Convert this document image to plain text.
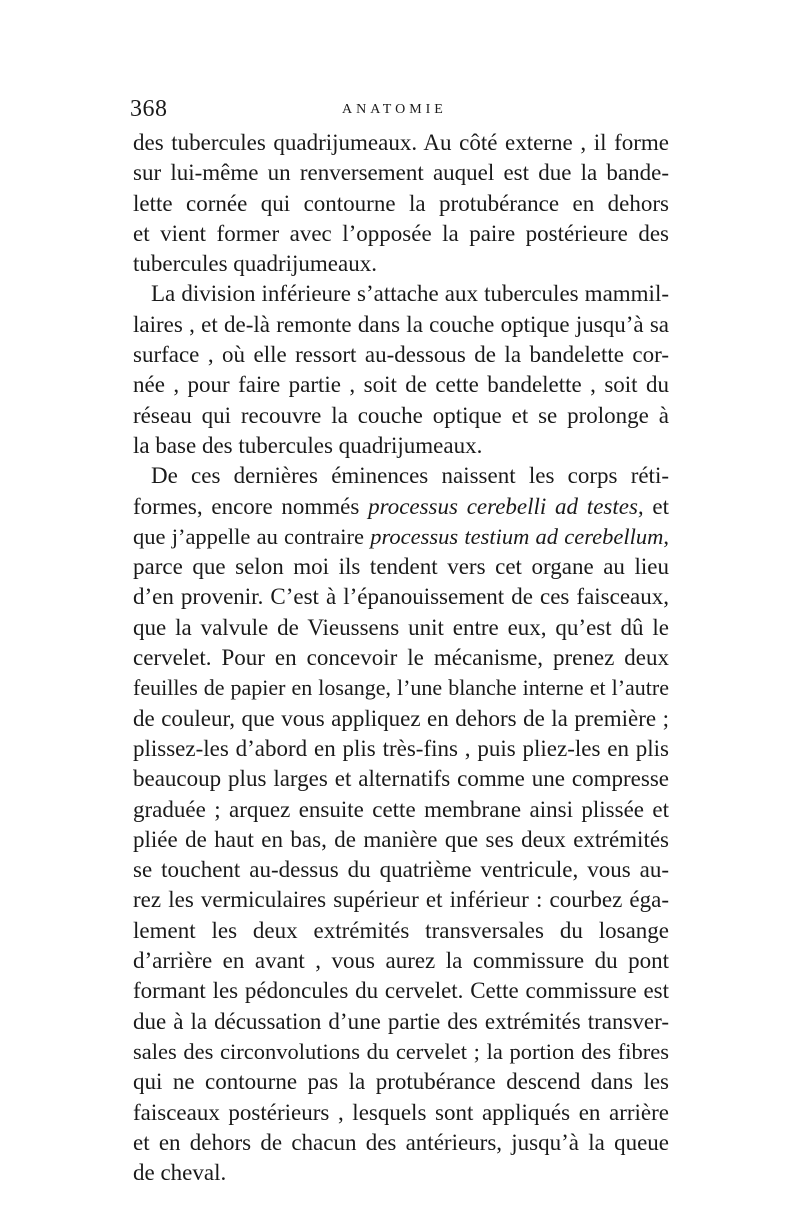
368	ANATOMIE
des tubercules quadrijumeaux. Au côté externe , il forme
sur lui-même un renversement auquel est due la bande-
lette cornée qui contourne la protubérance en dehors
et vient former avec l’opposée la paire postérieure des
tubercules quadrijumeaux.
La division inférieure s’attache aux tubercules mammil-
laires , et de-là remonte dans la couche optique jusqu’à sa
surface , où elle ressort au-dessous de la bandelette cor-
née , pour faire partie , soit de cette bandelette , soit du
réseau qui recouvre la couche optique et se prolonge à
la base des tubercules quadrijumeaux.
De ces dernières éminences naissent les corps réti-
formes, encore nommés processus cerebelli ad testes, et
que j’appelle au contraire processus testium ad cerebellum,
parce que selon moi ils tendent vers cet organe au lieu
d’en provenir. C’est à l’épanouissement de ces faisceaux,
que la valvule de Vieussens unit entre eux, qu’est dû le
cervelet. Pour en concevoir le mécanisme, prenez deux
feuilles de papier en losange, l’une blanche interne et l’autre
de couleur, que vous appliquez en dehors de la première ;
plissez-les d’abord en plis très-fins , puis pliez-les en plis
beaucoup plus larges et alternatifs comme une compresse
graduée ; arquez ensuite cette membrane ainsi plissée et
pliée de haut en bas, de manière que ses deux extrémités
se touchent au-dessus du quatrième ventricule, vous au-
rez les vermiculaires supérieur et inférieur : courbez éga-
lement les deux extrémités transversales du losange
d’arrière en avant , vous aurez la commissure du pont
formant les pédoncules du cervelet. Cette commissure est
due à la décussation d’une partie des extrémités transver-
sales des circonvolutions du cervelet ; la portion des fibres
qui ne contourne pas la protubérance descend dans les
faisceaux postérieurs , lesquels sont appliqués en arrière
et en dehors de chacun des antérieurs, jusqu’à la queue
de cheval.
